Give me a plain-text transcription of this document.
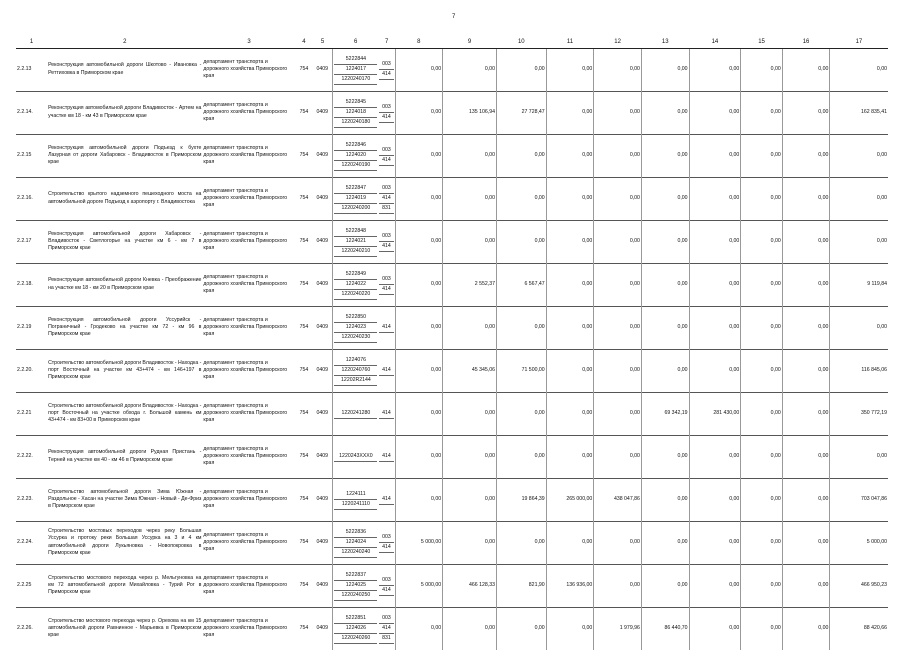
7
1	2	3	4	5	6	7	8	9	10	11	12	13	14	15	16	17
2.2.13	Реконструкция автомобильной дороги Шкотово - Ивановка - Реттиховка в Приморском крае	департамент транспорта и дорожного хозяйства Приморского края	754	0409	5222844
1224017
1220240170	003
414	0,00	0,00	0,00	0,00	0,00	0,00	0,00	0,00	0,00	0,00
2.2.14.	Реконструкция автомобильной дороги Владивосток - Артем на участке км 18 - км 43 в Приморском крае	департамент транспорта и дорожного хозяйства Приморского края	754	0409	5222845
1224018
1220240180	003
414	0,00	135 106,94	27 728,47	0,00	0,00	0,00	0,00	0,00	0,00	162 835,41
2.2.15	Реконструкция автомобильной дороги Подъезд к бухте Лазурная от дороги Хабаровск - Владивосток в Приморском крае	департамент транспорта и дорожного хозяйства Приморского края	754	0409	5222846
1224020
1220240190	003
414	0,00	0,00	0,00	0,00	0,00	0,00	0,00	0,00	0,00	0,00
2.2.16.	Строительство крытого надземного пешеходного моста на автомобильной дороге Подъезд к аэропорту г. Владивостока	департамент транспорта и дорожного хозяйства Приморского края	754	0409	5222847
1224019
1220240200	003
414
831	0,00	0,00	0,00	0,00	0,00	0,00	0,00	0,00	0,00	0,00
2.2.17	Реконструкция автомобильной дороги Хабаровск - Владивосток - Светлогорье на участке км 6 - км 7 в Приморском крае	департамент транспорта и дорожного хозяйства Приморского края	754	0409	5222848
1224021
1220240210	003
414	0,00	0,00	0,00	0,00	0,00	0,00	0,00	0,00	0,00	0,00
2.2.18.	Реконструкция автомобильной дороги Кневка - Преображение на участке км 18 - км 20 в Приморском крае	департамент транспорта и дорожного хозяйства Приморского края	754	0409	5222849
1224022
1220240220	003
414	0,00	2 552,37	6 567,47	0,00	0,00	0,00	0,00	0,00	0,00	9 119,84
2.2.19	Реконструкция автомобильной дороги Уссурийск - Пограничный - Гродеково на участке км 72 - км 96 в Приморском крае	департамент транспорта и дорожного хозяйства Приморского края	754	0409	5222850
1224023
1220240230	414	0,00	0,00	0,00	0,00	0,00	0,00	0,00	0,00	0,00	0,00
2.2.20.	Строительство автомобильной дороги Владивосток - Находка - порт Восточный на участке км 43+474 - км 146+197 в Приморском крае	департамент транспорта и дорожного хозяйства Приморского края	754	0409	1224076
1220240760
12202R2144	414	0,00	45 345,06	71 500,00	0,00	0,00	0,00	0,00	0,00	0,00	116 845,06
2.2.21	Строительство автомобильной дороги Владивосток - Находка - порт Восточный на участке обхода г. Большой камень км 43+474 - км 83+00 в Приморском крае	департамент транспорта и дорожного хозяйства Приморского края	754	0409	1220241280	414	0,00	0,00	0,00	0,00	0,00	69 342,19	281 430,00	0,00	0,00	350 772,19
2.2.22.	Реконструкция автомобильной дороги Рудная Пристань - Терней на участке км 40 - км 46 в Приморском крае	департамент транспорта и дорожного хозяйства Приморского края	754	0409	1220243XXX0	414	0,00	0,00	0,00	0,00	0,00	0,00	0,00	0,00	0,00	0,00
2.2.23.	Строительство автомобильной дороги Зима Южная - Раздольное - Хасан на участке Зима Южная - Новый - Де-Фриз в Приморском крае	департамент транспорта и дорожного хозяйства Приморского края	754	0409	1224111
1220241110	414	0,00	0,00	19 864,39	265 000,00	438 047,86	0,00	0,00	0,00	0,00	703 047,86
2.2.24.	Строительство мостовых переходов через реку Большая Уссурка и протоку реки Большая Уссурка на 3 и 4 км автомобильной дороги Лукьяновка - Новопокровка в Приморском крае	департамент транспорта и дорожного хозяйства Приморского края	754	0409	5222836
1224024
1220240240	003
414	5 000,00	0,00	0,00	0,00	0,00	0,00	0,00	0,00	0,00	5 000,00
2.2.25	Строительство мостового перехода через р. Мельгуновка на км 72 автомобильной дороги Михайловка - Турий Рог в Приморском крае	департамент транспорта и дорожного хозяйства Приморского края	754	0409	5222837
1224025
1220240250	003
414	5 000,00	466 128,33	821,90	136 936,00	0,00	0,00	0,00	0,00	0,00	466 950,23
2.2.26.	Строительство мостового перехода через р. Орехова на км 15 автомобильной дороги Равнинное - Марьевка в Приморском крае	департамент транспорта и дорожного хозяйства Приморского края	754	0409	5222851
1224026
1220240260	003
414
831	0,00	0,00	0,00	0,00	1 979,96	86 440,70	0,00	0,00	0,00	88 420,66
